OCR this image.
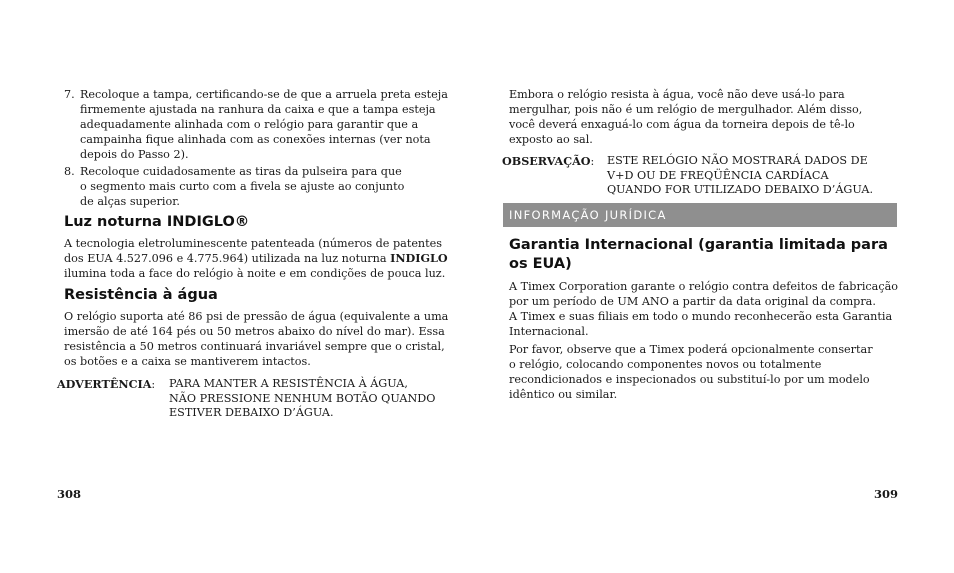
7. Recoloque a tampa, certificando-se de que a arruela preta esteja
firmemente ajustada na ranhura da caixa e que a tampa esteja
adequadamente alinhada com o relógio para garantir que a
campainha fique alinhada com as conexões internas (ver nota
depois do Passo 2).
8. Recoloque cuidadosamente as tiras da pulseira para que
o segmento mais curto com a fivela se ajuste ao conjunto
de alças superior.
Luz noturna INDIGLO®
A tecnologia eletroluminescente patenteada (números de patentes
dos EUA 4.527.096 e 4.775.964) utilizada na luz noturna INDIGLO
ilumina toda a face do relógio à noite e em condições de pouca luz.
Resistência à água
O relógio suporta até 86 psi de pressão de água (equivalente a uma
imersão de até 164 pés ou 50 metros abaixo do nível do mar). Essa
resistência a 50 metros continuará invariável sempre que o cristal,
os botões e a caixa se mantiverem intactos.
ADVERTÊNCIA: PARA MANTER A RESISTÊNCIA À ÁGUA,
NÃO PRESSIONE NENHUM BOTÃO QUANDO
ESTIVER DEBAIXO D’ÁGUA.
308
Embora o relógio resista à água, você não deve usá-lo para
mergulhar, pois não é um relógio de mergulhador. Além disso,
você deverá enxaguá-lo com água da torneira depois de tê-lo
exposto ao sal.
OBSERVAÇÃO: ESTE RELÓGIO NÃO MOSTRARÁ DADOS DE
V+D OU DE FREQÜÊNCIA CARDÍACA
QUANDO FOR UTILIZADO DEBAIXO D’ÁGUA.
INFORMAÇÃO JURÍDICA
Garantia Internacional (garantia limitada para
os EUA)
A Timex Corporation garante o relógio contra defeitos de fabricação
por um período de UM ANO a partir da data original da compra.
A Timex e suas filiais em todo o mundo reconhecerão esta Garantia
Internacional.
Por favor, observe que a Timex poderá opcionalmente consertar
o relógio, colocando componentes novos ou totalmente
recondicionados e inspecionados ou substituí-lo por um modelo
idêntico ou similar.
309
